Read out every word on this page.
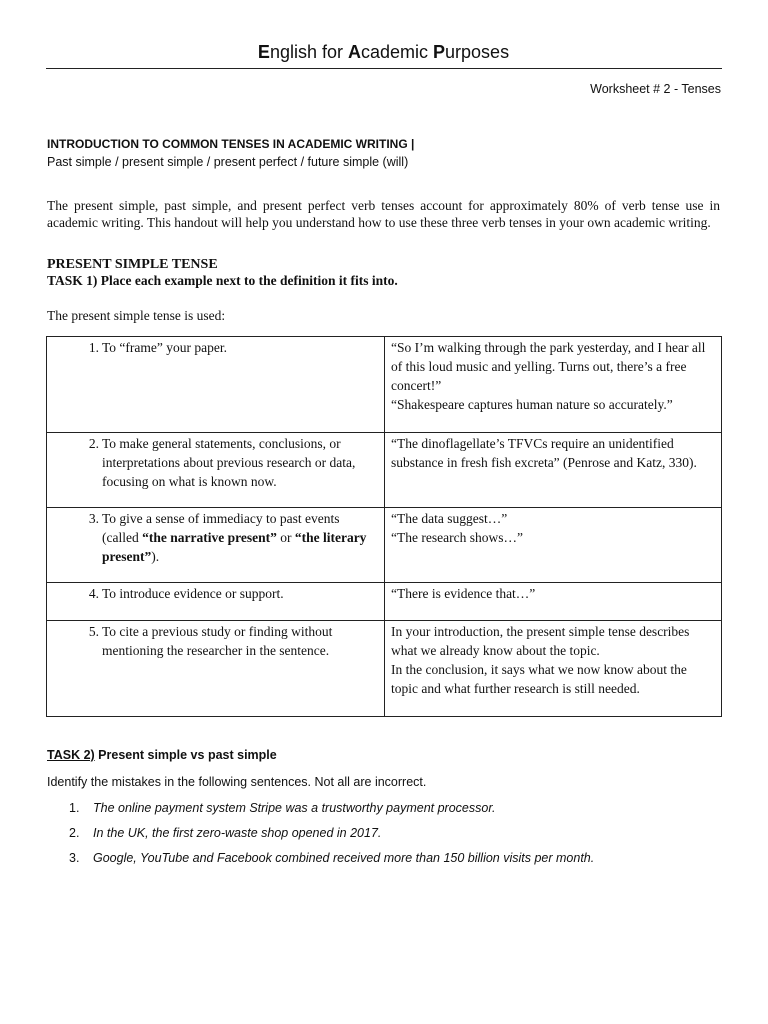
English for Academic Purposes
Worksheet # 2 - Tenses
INTRODUCTION TO COMMON TENSES IN ACADEMIC WRITING |
Past simple / present simple / present perfect / future simple (will)
The present simple, past simple, and present perfect verb tenses account for approximately 80% of verb tense use in academic writing. This handout will help you understand how to use these three verb tenses in your own academic writing.
PRESENT SIMPLE TENSE
TASK 1) Place each example next to the definition it fits into.
The present simple tense is used:
1. To “frame” your paper.	“So I’m walking through the park yesterday, and I hear all of this loud music and yelling. Turns out, there’s a free concert!”
“Shakespeare captures human nature so accurately.”

2. To make general statements, conclusions, or interpretations about previous research or data, focusing on what is known now.	“The dinoflagellate’s TFVCs require an unidentified substance in fresh fish excreta” (Penrose and Katz, 330).

3. To give a sense of immediacy to past events (called “the narrative present” or “the literary present”).	“The data suggest…”
“The research shows…”

4. To introduce evidence or support.	“There is evidence that…”

5. To cite a previous study or finding without mentioning the researcher in the sentence.	In your introduction, the present simple tense describes what we already know about the topic.
In the conclusion, it says what we now know about the topic and what further research is still needed.
TASK 2) Present simple vs past simple
Identify the mistakes in the following sentences. Not all are incorrect.
1. The online payment system Stripe was a trustworthy payment processor.
2. In the UK, the first zero-waste shop opened in 2017.
3. Google, YouTube and Facebook combined received more than 150 billion visits per month.
